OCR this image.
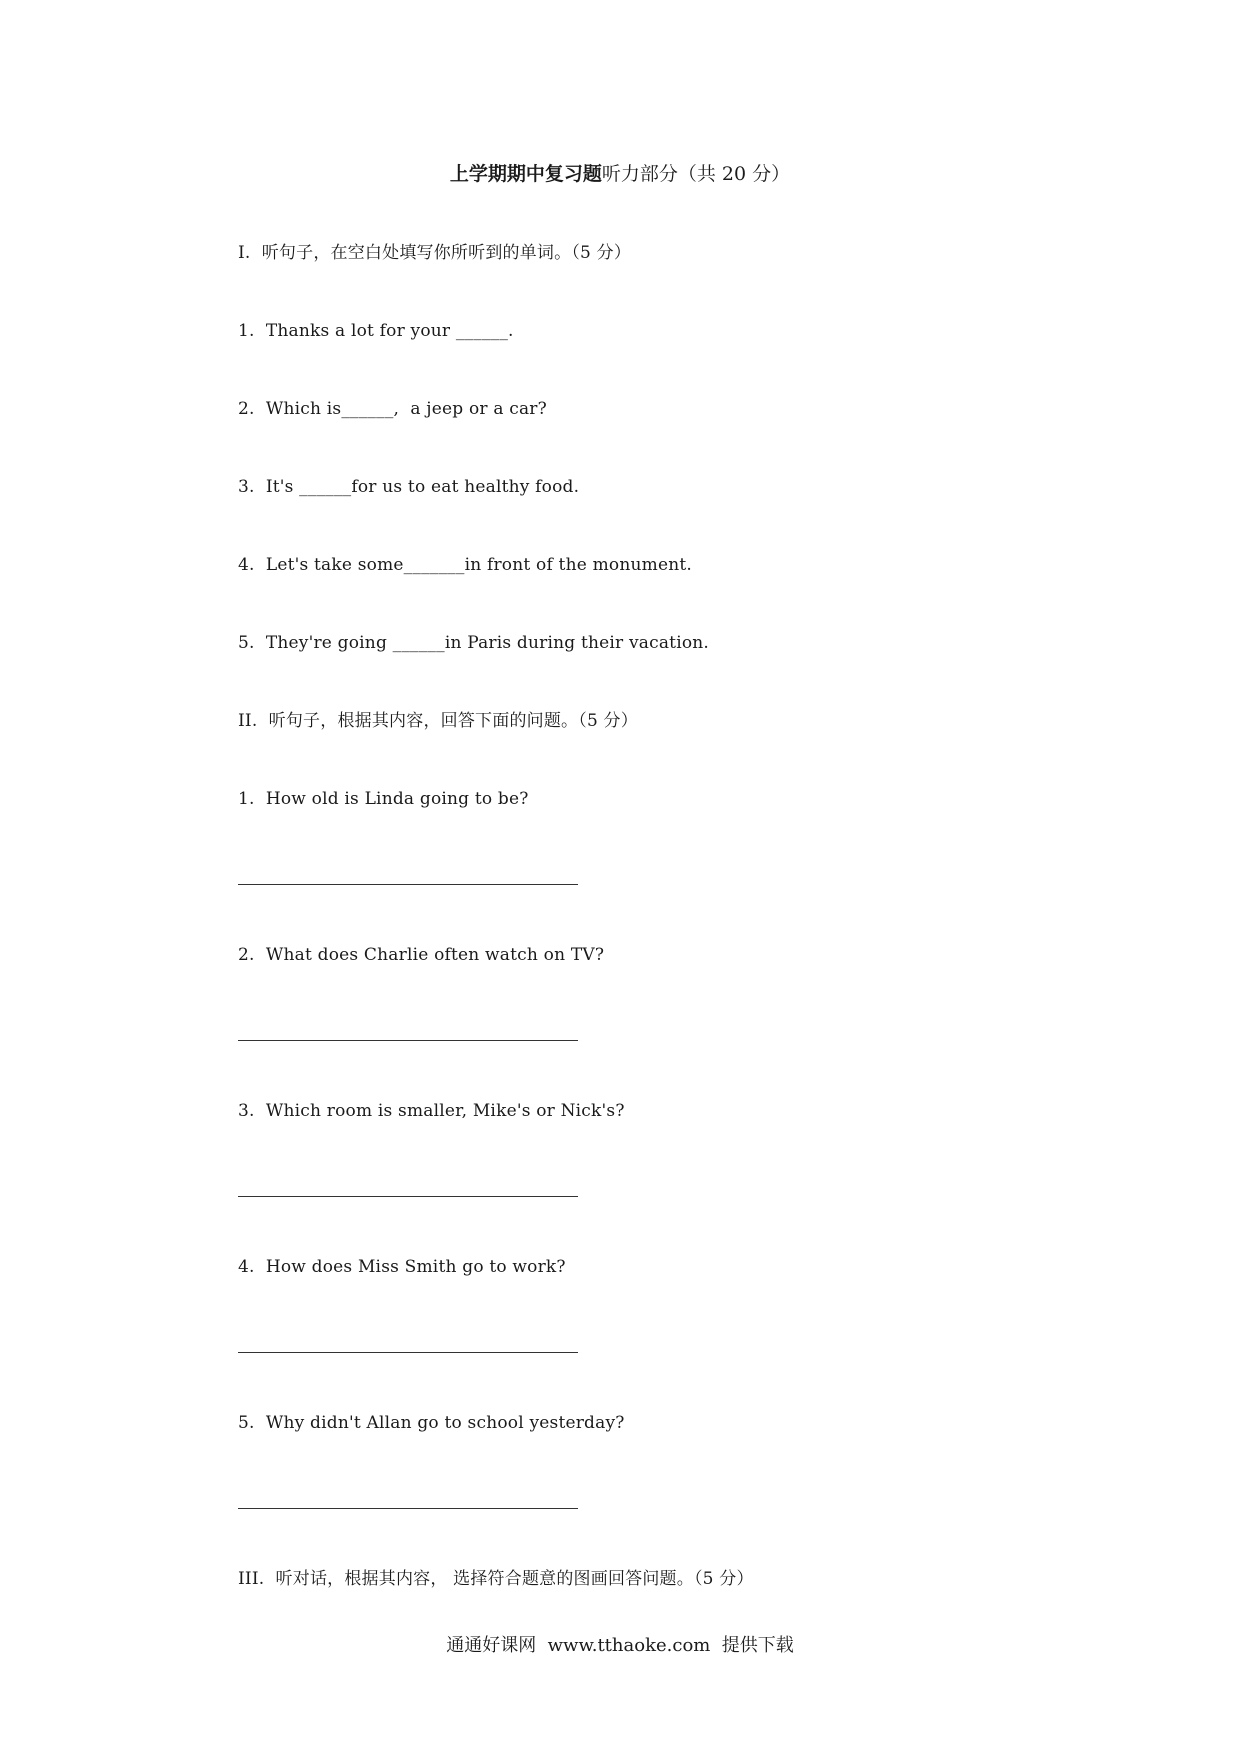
上学期期中复习题听力部分（共 20 分）
I.  听句子，在空白处填写你所听到的单词。（5 分）
1.  Thanks a lot for your ______.
2.  Which is______,  a jeep or a car?
3.  It's ______for us to eat healthy food.
4.  Let's take some_______in front of the monument.
5.  They're going ______in Paris during their vacation.
II.  听句子，根据其内容，回答下面的问题。（5 分）
1.  How old is Linda going to be?
2.  What does Charlie often watch on TV?
3.  Which room is smaller, Mike's or Nick's?
4.  How does Miss Smith go to work?
5.  Why didn't Allan go to school yesterday?
III.  听对话，根据其内容， 选择符合题意的图画回答问题。（5 分）
通通好课网  www.tthaoke.com  提供下载
